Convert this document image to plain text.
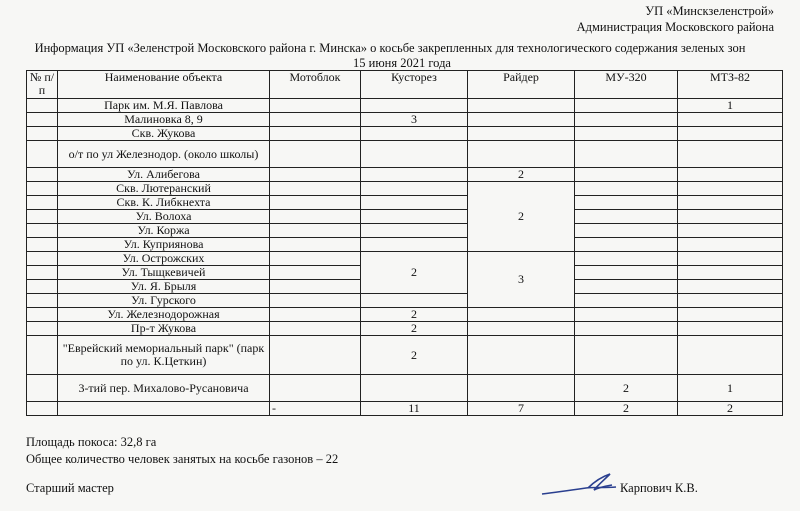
УП «Минскзеленстрой»
Администрация Московского района
Информация УП «Зеленстрой Московского района г. Минска» о косьбе закрепленных для технологического содержания зеленых зон
15 июня 2021 года
№ п/п	Наименование объекта	Мотоблок	Кусторез	Райдер	МУ-320	МТЗ-82
	Парк им. М.Я. Павлова					1
	Малиновка 8, 9		3			
	Скв. Жукова					
	о/т по ул Железнодор. (около школы)					
	Ул. Алибегова			2		
	Скв. Лютеранский			2		
	Скв. К. Либкнехта					
	Ул. Волоха					
	Ул. Коржа					
	Ул. Куприянова					
	Ул. Острожских		2	3		
	Ул. Тыщкевичей					
	Ул. Я. Брыля					
	Ул. Гурского					
	Ул. Железнодорожная		2			
	Пр-т Жукова		2			
	"Еврейский мемориальный парк" (парк по ул. К.Цеткин)		2			
	3-тий пер. Михалово-Русановича				2	1
		-	11	7	2	2
Площадь покоса: 32,8 га
Общее количество человек занятых на косьбе газонов – 22
Старший мастер	Карпович К.В.
